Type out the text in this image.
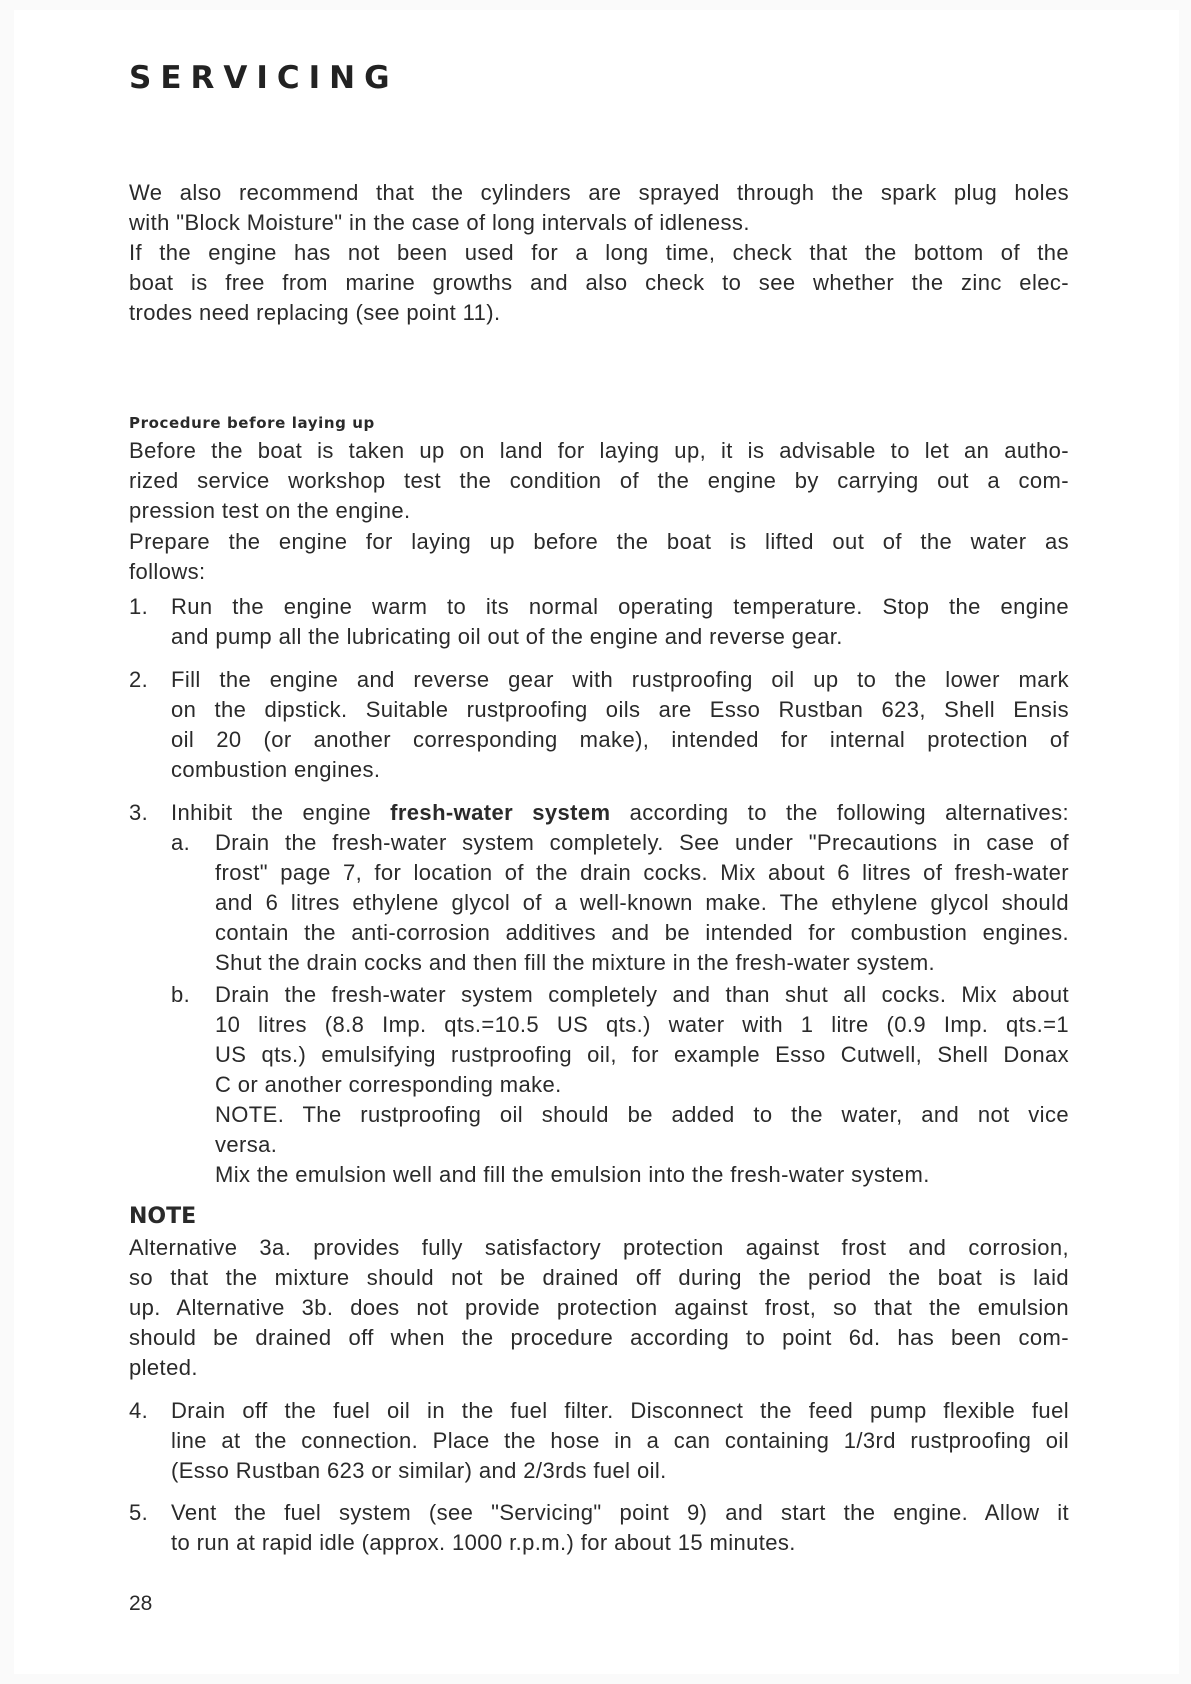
SERVICING
We also recommend that the cylinders are sprayed through the spark plug holes
with "Block Moisture" in the case of long intervals of idleness.
If the engine has not been used for a long time, check that the bottom of the
boat is free from marine growths and also check to see whether the zinc elec-
trodes need replacing (see point 11).
Procedure before laying up
Before the boat is taken up on land for laying up, it is advisable to let an autho-
rized service workshop test the condition of the engine by carrying out a com-
pression test on the engine.
Prepare the engine for laying up before the boat is lifted out of the water as
follows:
1. Run the engine warm to its normal operating temperature. Stop the engine
and pump all the lubricating oil out of the engine and reverse gear.
2. Fill the engine and reverse gear with rustproofing oil up to the lower mark
on the dipstick. Suitable rustproofing oils are Esso Rustban 623, Shell Ensis
oil 20 (or another corresponding make), intended for internal protection of
combustion engines.
3. Inhibit the engine fresh-water system according to the following alternatives:
a. Drain the fresh-water system completely. See under "Precautions in case of
frost" page 7, for location of the drain cocks. Mix about 6 litres of fresh-water
and 6 litres ethylene glycol of a well-known make. The ethylene glycol should
contain the anti-corrosion additives and be intended for combustion engines.
Shut the drain cocks and then fill the mixture in the fresh-water system.
b. Drain the fresh-water system completely and than shut all cocks. Mix about
10 litres (8.8 Imp. qts.=10.5 US qts.) water with 1 litre (0.9 Imp. qts.=1
US qts.) emulsifying rustproofing oil, for example Esso Cutwell, Shell Donax
C or another corresponding make.
NOTE. The rustproofing oil should be added to the water, and not vice
versa.
Mix the emulsion well and fill the emulsion into the fresh-water system.
NOTE
Alternative 3a. provides fully satisfactory protection against frost and corrosion,
so that the mixture should not be drained off during the period the boat is laid
up. Alternative 3b. does not provide protection against frost, so that the emulsion
should be drained off when the procedure according to point 6d. has been com-
pleted.
4. Drain off the fuel oil in the fuel filter. Disconnect the feed pump flexible fuel
line at the connection. Place the hose in a can containing 1/3rd rustproofing oil
(Esso Rustban 623 or similar) and 2/3rds fuel oil.
5. Vent the fuel system (see "Servicing" point 9) and start the engine. Allow it
to run at rapid idle (approx. 1000 r.p.m.) for about 15 minutes.
28
